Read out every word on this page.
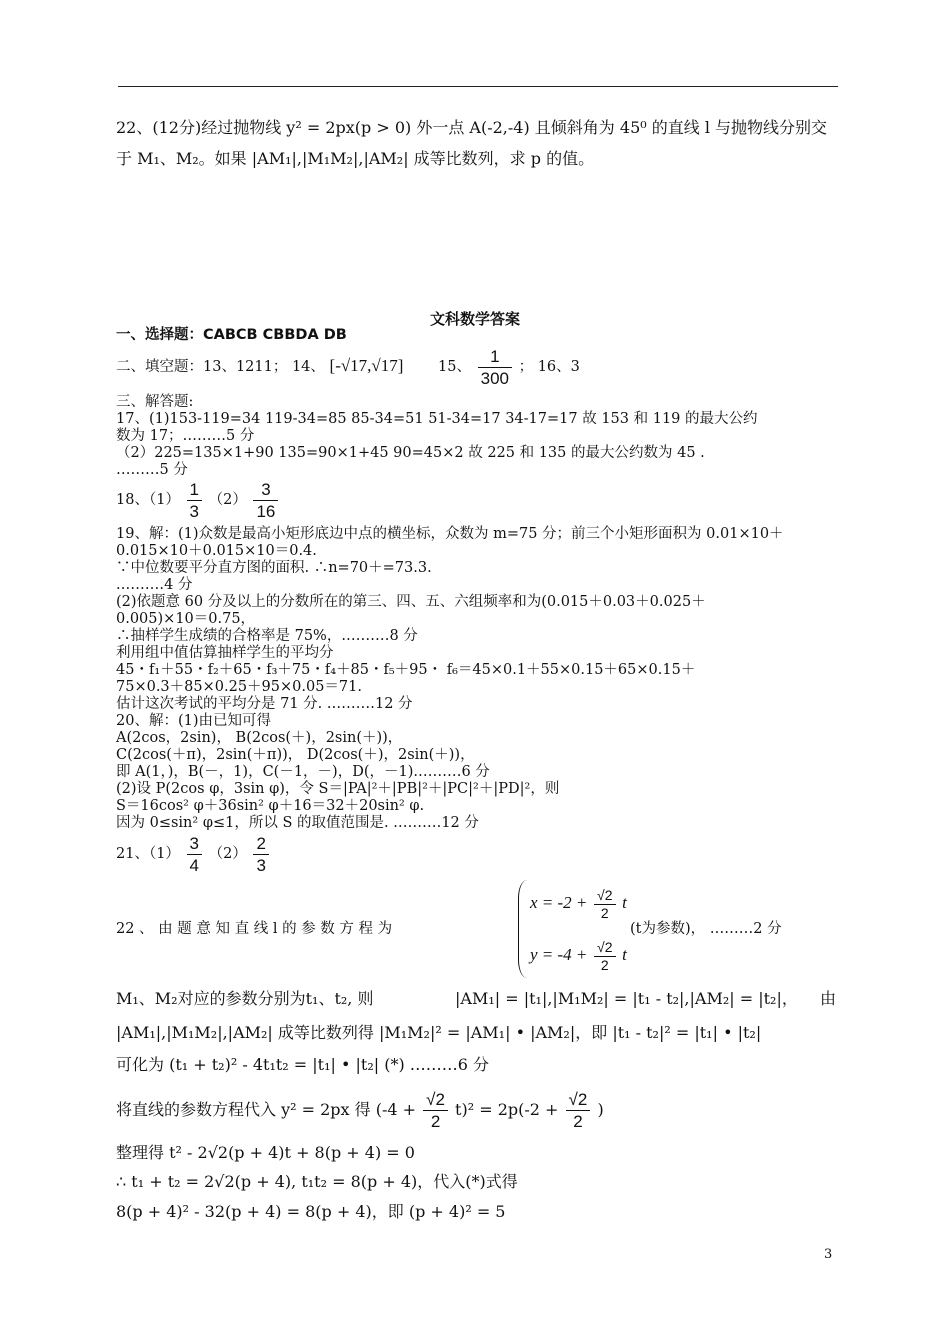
22、(12分)经过抛物线 y² = 2px(p > 0) 外一点 A(-2,-4) 且倾斜角为 45⁰ 的直线 l 与抛物线分别交
于 M₁、M₂。如果 |AM₁|,|M₁M₂|,|AM₂| 成等比数列，求 p 的值。
文科数学答案
一、选择题：CABCB CBBDA DB
二、填空题：13、1211； 14、 [-√17,√17] 15、 $\frac{1}{300}$ ； 16、3
三、解答题:
17、(1)153-119=34 119-34=85 85-34=51 51-34=17 34-17=17 故 153 和 119 的最大公约
数为 17；………5 分
（2）225=135×1+90 135=90×1+45 90=45×2 故 225 和 135 的最大公约数为 45 .
………5 分
18、$(1) \frac{1}{3} (2) \frac{3}{16}$
19、解：(1)众数是最高小矩形底边中点的横坐标，众数为 m=75 分；前三个小矩形面积为 0.01×10＋
0.015×10＋0.015×10＝0.4.
∵中位数要平分直方图的面积. ∴n=70＋=73.3.
.………4 分
(2)依题意 60 分及以上的分数所在的第三、四、五、六组频率和为(0.015＋0.03＋0.025＋
0.005)×10＝0.75，
∴抽样学生成绩的合格率是 75%，.………8 分
利用组中值估算抽样学生的平均分
45・f₁＋55・f₂＋65・f₃＋75・f₄＋85・f₅＋95・ f₆＝45×0.1＋55×0.15＋65×0.15＋
75×0.3＋85×0.25＋95×0.05＝71.
估计这次考试的平均分是 71 分. .………12 分
20、解：(1)由已知可得
A(2cos，2sin)， B(2cos(＋)，2sin(＋))，
C(2cos(＋π)，2sin(＋π))， D(2cos(＋)，2sin(＋))，
即 A(1，)，B(－，1)，C(－1，－)，D(，－1).………6 分
(2)设 P(2cos φ，3sin φ)，令 S＝|PA|²＋|PB|²＋|PC|²＋|PD|²，则
S＝16cos² φ＋36sin² φ＋16＝32＋20sin² φ.
因为 0≤sin² φ≤1，所以 S 的取值范围是. .………12 分
21、$(1) \frac{3}{4} (2) \frac{2}{3}$
22 、 由 题 意 知 直 线 l 的 参 数 方 程 为
$x = -2 + \frac{√2}{2}$ t
(t为参数)， ………2 分
$y = -4 + \frac{√2}{2}$ t
M₁、M₂对应的参数分别为t₁、t₂, 则	|AM₁| = |t₁|,|M₁M₂| = |t₁ - t₂|,|AM₂| = |t₂|， 由
|AM₁|,|M₁M₂|,|AM₂| 成等比数列得 |M₁M₂|² = |AM₁| • |AM₂|，即 |t₁ - t₂|² = |t₁| • |t₂|
可化为 (t₁ + t₂)² - 4t₁t₂ = |t₁| • |t₂| (*) ………6 分
将直线的参数方程代入 y² = 2px 得 $(-4 + \frac{√2}{2} t)^2 = 2p(-2 + \frac{√2}{2}$ )
整理得 t² - 2√2(p + 4)t + 8(p + 4) = 0
∴ t₁ + t₂ = 2√2(p + 4), t₁t₂ = 8(p + 4)，代入(*)式得
8(p + 4)² - 32(p + 4) = 8(p + 4)，即 (p + 4)² = 5
3
